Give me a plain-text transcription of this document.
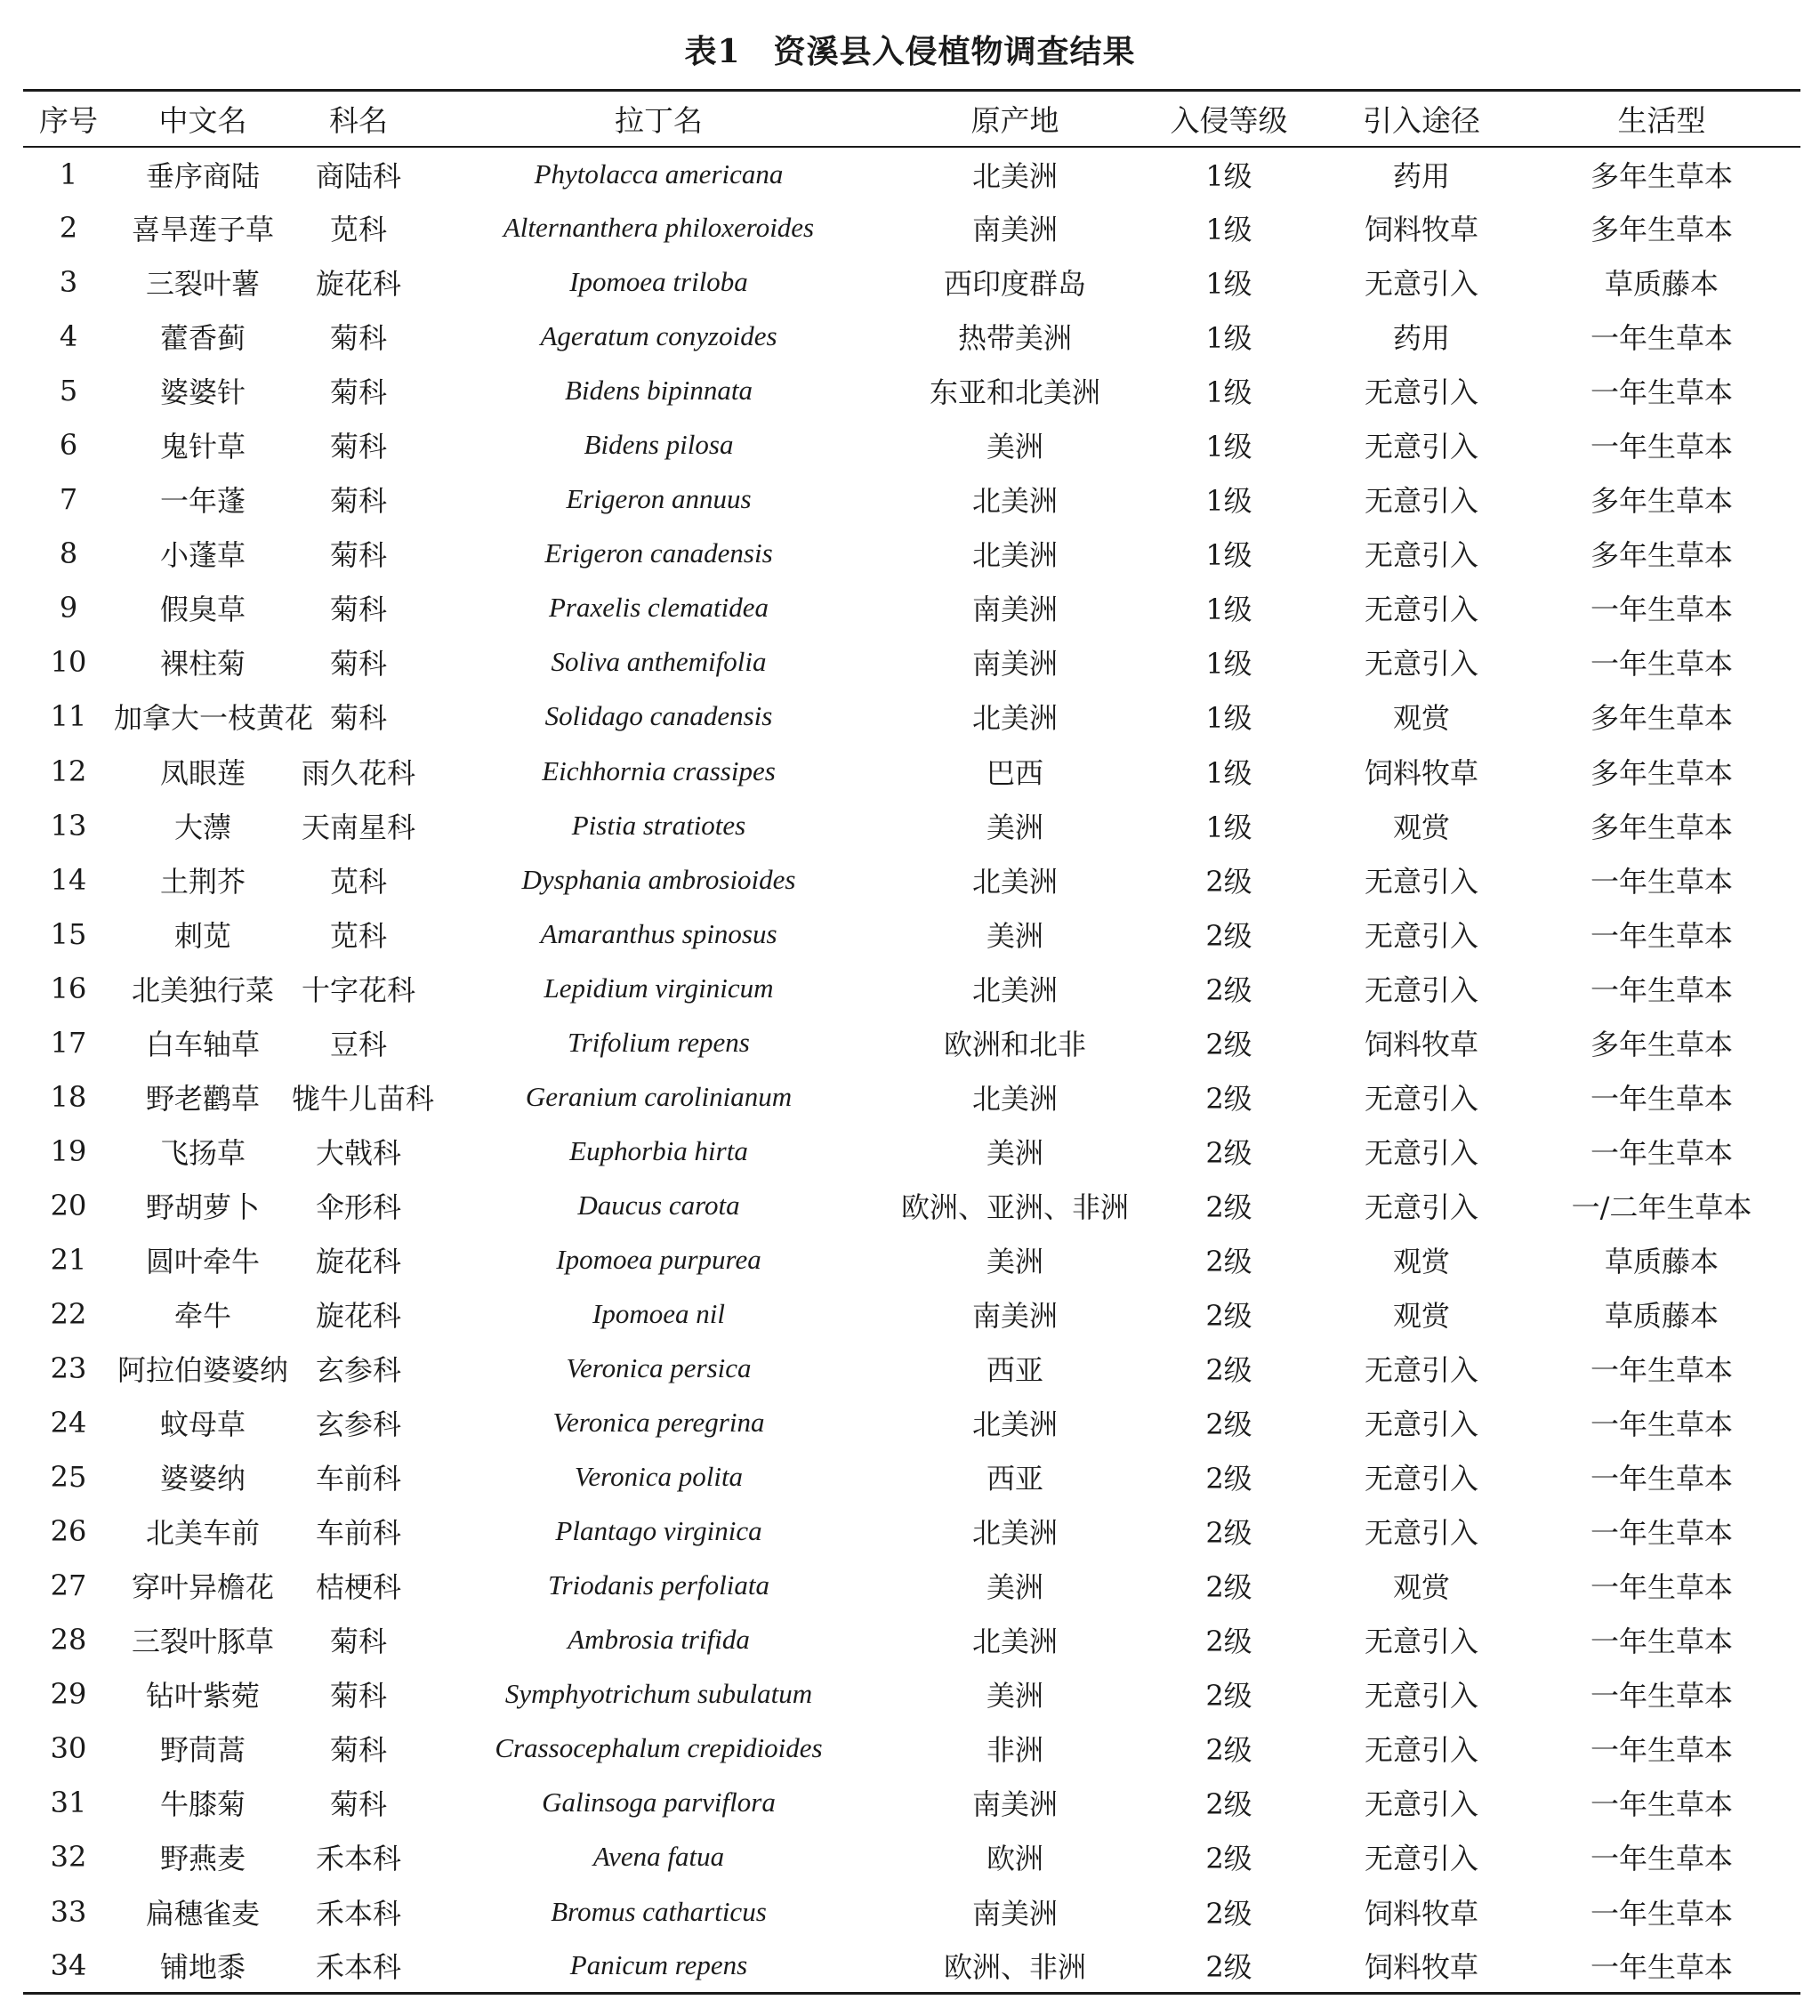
表1　资溪县入侵植物调查结果
序号	中文名	科名	拉丁名	原产地	入侵等级	引入途径	生活型
1	垂序商陆	商陆科	Phytolacca americana	北美洲	1级	药用	多年生草本
2	喜旱莲子草	苋科	Alternanthera philoxeroides	南美洲	1级	饲料牧草	多年生草本
3	三裂叶薯	旋花科	Ipomoea triloba	西印度群岛	1级	无意引入	草质藤本
4	藿香蓟	菊科	Ageratum conyzoides	热带美洲	1级	药用	一年生草本
5	婆婆针	菊科	Bidens bipinnata	东亚和北美洲	1级	无意引入	一年生草本
6	鬼针草	菊科	Bidens pilosa	美洲	1级	无意引入	一年生草本
7	一年蓬	菊科	Erigeron annuus	北美洲	1级	无意引入	多年生草本
8	小蓬草	菊科	Erigeron canadensis	北美洲	1级	无意引入	多年生草本
9	假臭草	菊科	Praxelis clematidea	南美洲	1级	无意引入	一年生草本
10	裸柱菊	菊科	Soliva anthemifolia	南美洲	1级	无意引入	一年生草本
11	加拿大一枝黄花	菊科	Solidago canadensis	北美洲	1级	观赏	多年生草本
12	凤眼莲	雨久花科	Eichhornia crassipes	巴西	1级	饲料牧草	多年生草本
13	大薸	天南星科	Pistia stratiotes	美洲	1级	观赏	多年生草本
14	土荆芥	苋科	Dysphania ambrosioides	北美洲	2级	无意引入	一年生草本
15	刺苋	苋科	Amaranthus spinosus	美洲	2级	无意引入	一年生草本
16	北美独行菜	十字花科	Lepidium virginicum	北美洲	2级	无意引入	一年生草本
17	白车轴草	豆科	Trifolium repens	欧洲和北非	2级	饲料牧草	多年生草本
18	野老鹳草	牻牛儿苗科	Geranium carolinianum	北美洲	2级	无意引入	一年生草本
19	飞扬草	大戟科	Euphorbia hirta	美洲	2级	无意引入	一年生草本
20	野胡萝卜	伞形科	Daucus carota	欧洲、亚洲、非洲	2级	无意引入	一/二年生草本
21	圆叶牵牛	旋花科	Ipomoea purpurea	美洲	2级	观赏	草质藤本
22	牵牛	旋花科	Ipomoea nil	南美洲	2级	观赏	草质藤本
23	阿拉伯婆婆纳	玄参科	Veronica persica	西亚	2级	无意引入	一年生草本
24	蚊母草	玄参科	Veronica peregrina	北美洲	2级	无意引入	一年生草本
25	婆婆纳	车前科	Veronica polita	西亚	2级	无意引入	一年生草本
26	北美车前	车前科	Plantago virginica	北美洲	2级	无意引入	一年生草本
27	穿叶异檐花	桔梗科	Triodanis perfoliata	美洲	2级	观赏	一年生草本
28	三裂叶豚草	菊科	Ambrosia trifida	北美洲	2级	无意引入	一年生草本
29	钻叶紫菀	菊科	Symphyotrichum subulatum	美洲	2级	无意引入	一年生草本
30	野茼蒿	菊科	Crassocephalum crepidioides	非洲	2级	无意引入	一年生草本
31	牛膝菊	菊科	Galinsoga parviflora	南美洲	2级	无意引入	一年生草本
32	野燕麦	禾本科	Avena fatua	欧洲	2级	无意引入	一年生草本
33	扁穗雀麦	禾本科	Bromus catharticus	南美洲	2级	饲料牧草	一年生草本
34	铺地黍	禾本科	Panicum repens	欧洲、非洲	2级	饲料牧草	一年生草本
